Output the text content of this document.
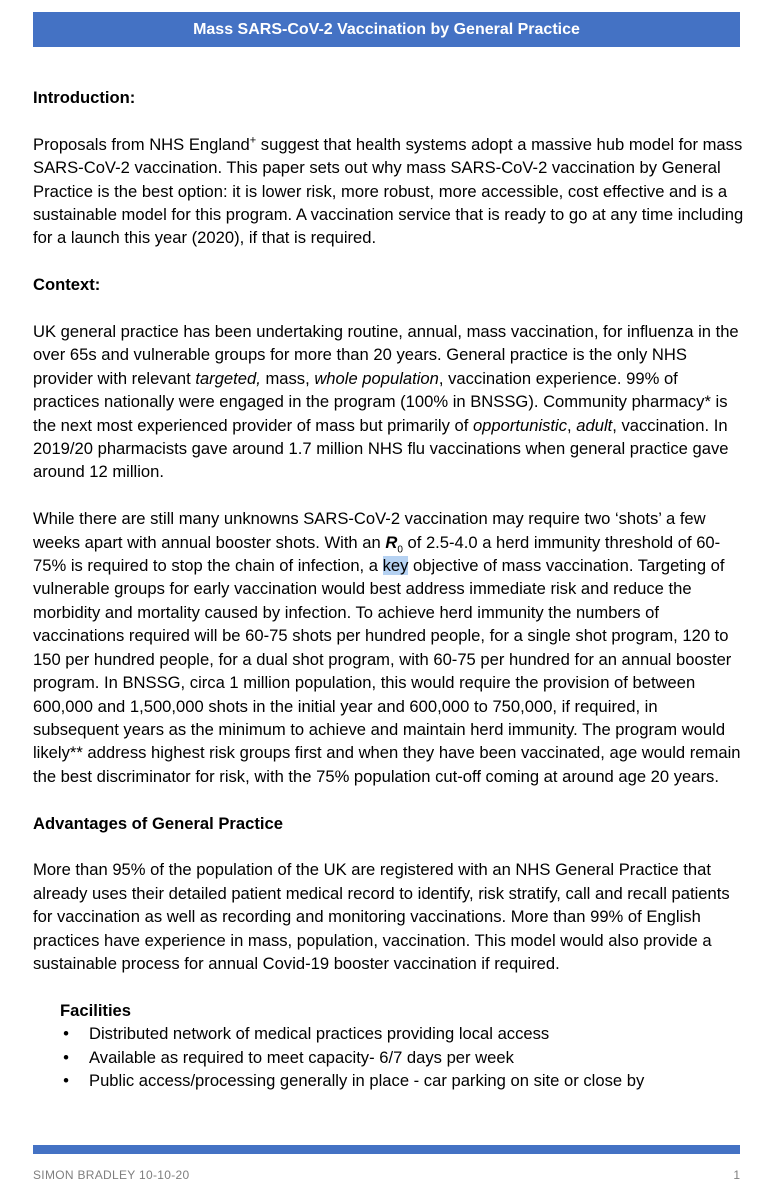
Mass SARS-CoV-2 Vaccination by General Practice

Introduction:

Proposals from NHS England+ suggest that health systems adopt a massive hub model for mass SARS-CoV-2 vaccination. This paper sets out why mass SARS-CoV-2 vaccination by General Practice is the best option: it is lower risk, more robust, more accessible, cost effective and is a sustainable model for this program. A vaccination service that is ready to go at any time including for a launch this year (2020), if that is required.

Context:

UK general practice has been undertaking routine, annual, mass vaccination, for influenza in the over 65s and vulnerable groups for more than 20 years. General practice is the only NHS provider with relevant targeted, mass, whole population, vaccination experience. 99% of practices nationally were engaged in the program (100% in BNSSG). Community pharmacy* is the next most experienced provider of mass but primarily of opportunistic, adult, vaccination. In 2019/20 pharmacists gave around 1.7 million NHS flu vaccinations when general practice gave around 12 million.

While there are still many unknowns SARS-CoV-2 vaccination may require two ‘shots’ a few weeks apart with annual booster shots. With an $R_0$ of 2.5-4.0 a herd immunity threshold of 60-75% is required to stop the chain of infection, a key objective of mass vaccination. Targeting of vulnerable groups for early vaccination would best address immediate risk and reduce the morbidity and mortality caused by infection. To achieve herd immunity the numbers of vaccinations required will be 60-75 shots per hundred people, for a single shot program, 120 to 150 per hundred people, for a dual shot program, with 60-75 per hundred for an annual booster program. In BNSSG, circa 1 million population, this would require the provision of between 600,000 and 1,500,000 shots in the initial year and 600,000 to 750,000, if required, in subsequent years as the minimum to achieve and maintain herd immunity. The program would likely** address highest risk groups first and when they have been vaccinated, age would remain the best discriminator for risk, with the 75% population cut-off coming at around age 20 years.

Advantages of General Practice

More than 95% of the population of the UK are registered with an NHS General Practice that already uses their detailed patient medical record to identify, risk stratify, call and recall patients for vaccination as well as recording and monitoring vaccinations. More than 99% of English practices have experience in mass, population, vaccination. This model would also provide a sustainable process for annual Covid-19 booster vaccination if required.

Facilities

• Distributed network of medical practices providing local access
• Available as required to meet capacity- 6/7 days per week
• Public access/processing generally in place - car parking on site or close by
SIMON BRADLEY 10-10-20	1
